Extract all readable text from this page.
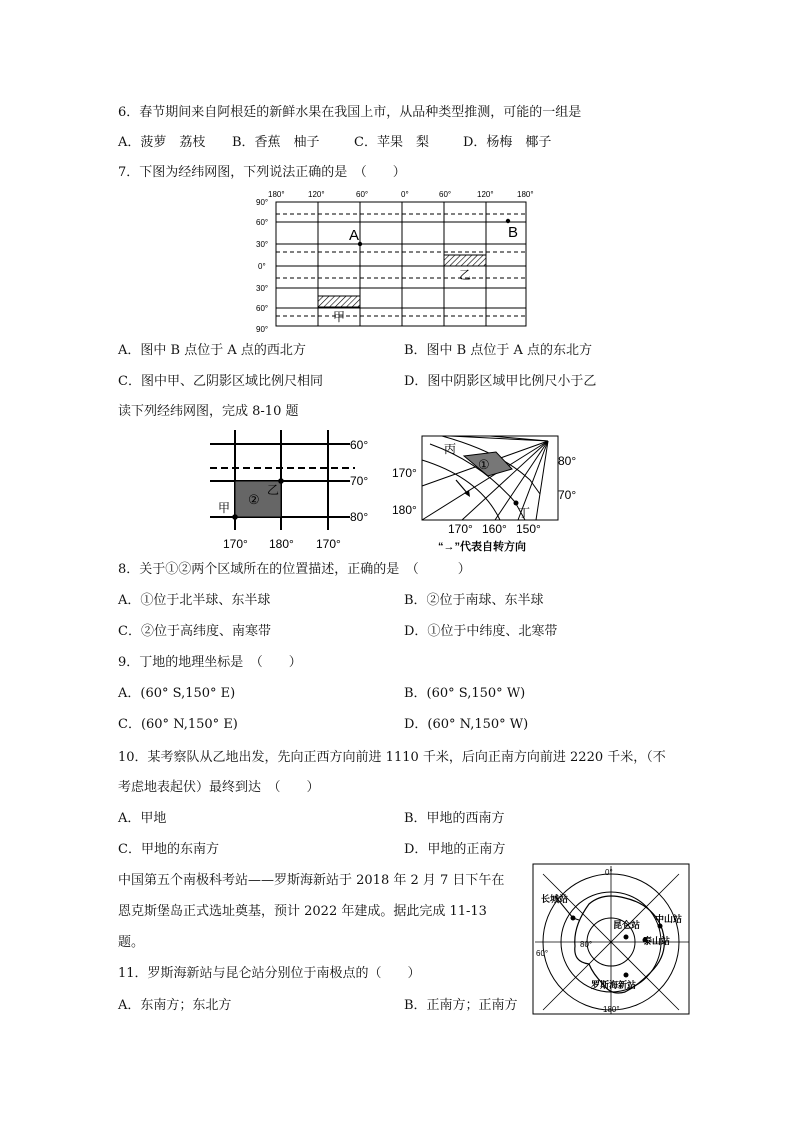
6．春节期间来自阿根廷的新鲜水果在我国上市，从品种类型推测，可能的一组是
A．菠萝　荔枝 B．香蕉　柚子	C．苹果　梨	D．杨梅　椰子
7．下图为经纬网图，下列说法正确的是　（　　）
180°	120°	60°	0°	60°	120°	180°
90°
60°
30°
0°
30°
60°
90°
A	B
乙
甲
A．图中 B 点位于 A 点的西北方	B．图中 B 点位于 A 点的东北方
C．图中甲、乙阴影区域比例尺相同	D．图中阴影区域甲比例尺小于乙
读下列经纬网图，完成 8-10 题
②
乙
甲
60°
70°
80°
170° 180° 170°
丙
①
丁
80°
70°
170°
180°
170° 160° 150°
“→”代表自转方向
8．关于①②两个区域所在的位置描述，正确的是　（　　　）
A．①位于北半球、东半球	B．②位于南球、东半球
C．②位于高纬度、南寒带	D．①位于中纬度、北寒带
9．丁地的地理坐标是　（　　）
A．(60° S,150° E)	B．(60° S,150° W)
C．(60° N,150° E)	D．(60° N,150° W)
10．某考察队从乙地出发，先向正西方向前进 1110 千米，后向正南方向前进 2220 千米，（不
考虑地表起伏）最终到达　（　　）
A．甲地	B．甲地的西南方
C．甲地的东南方	D．甲地的正南方
中国第五个南极科考站——罗斯海新站于 2018 年 2 月 7 日下午在
恩克斯堡岛正式选址奠基，预计 2022 年建成。据此完成 11-13
题。
0°
180°
60°
80°
长城站
昆仑站
中山站
泰山站
罗斯海新站
11．罗斯海新站与昆仑站分别位于南极点的（　　）
A．东南方；东北方	B．正南方；正南方
